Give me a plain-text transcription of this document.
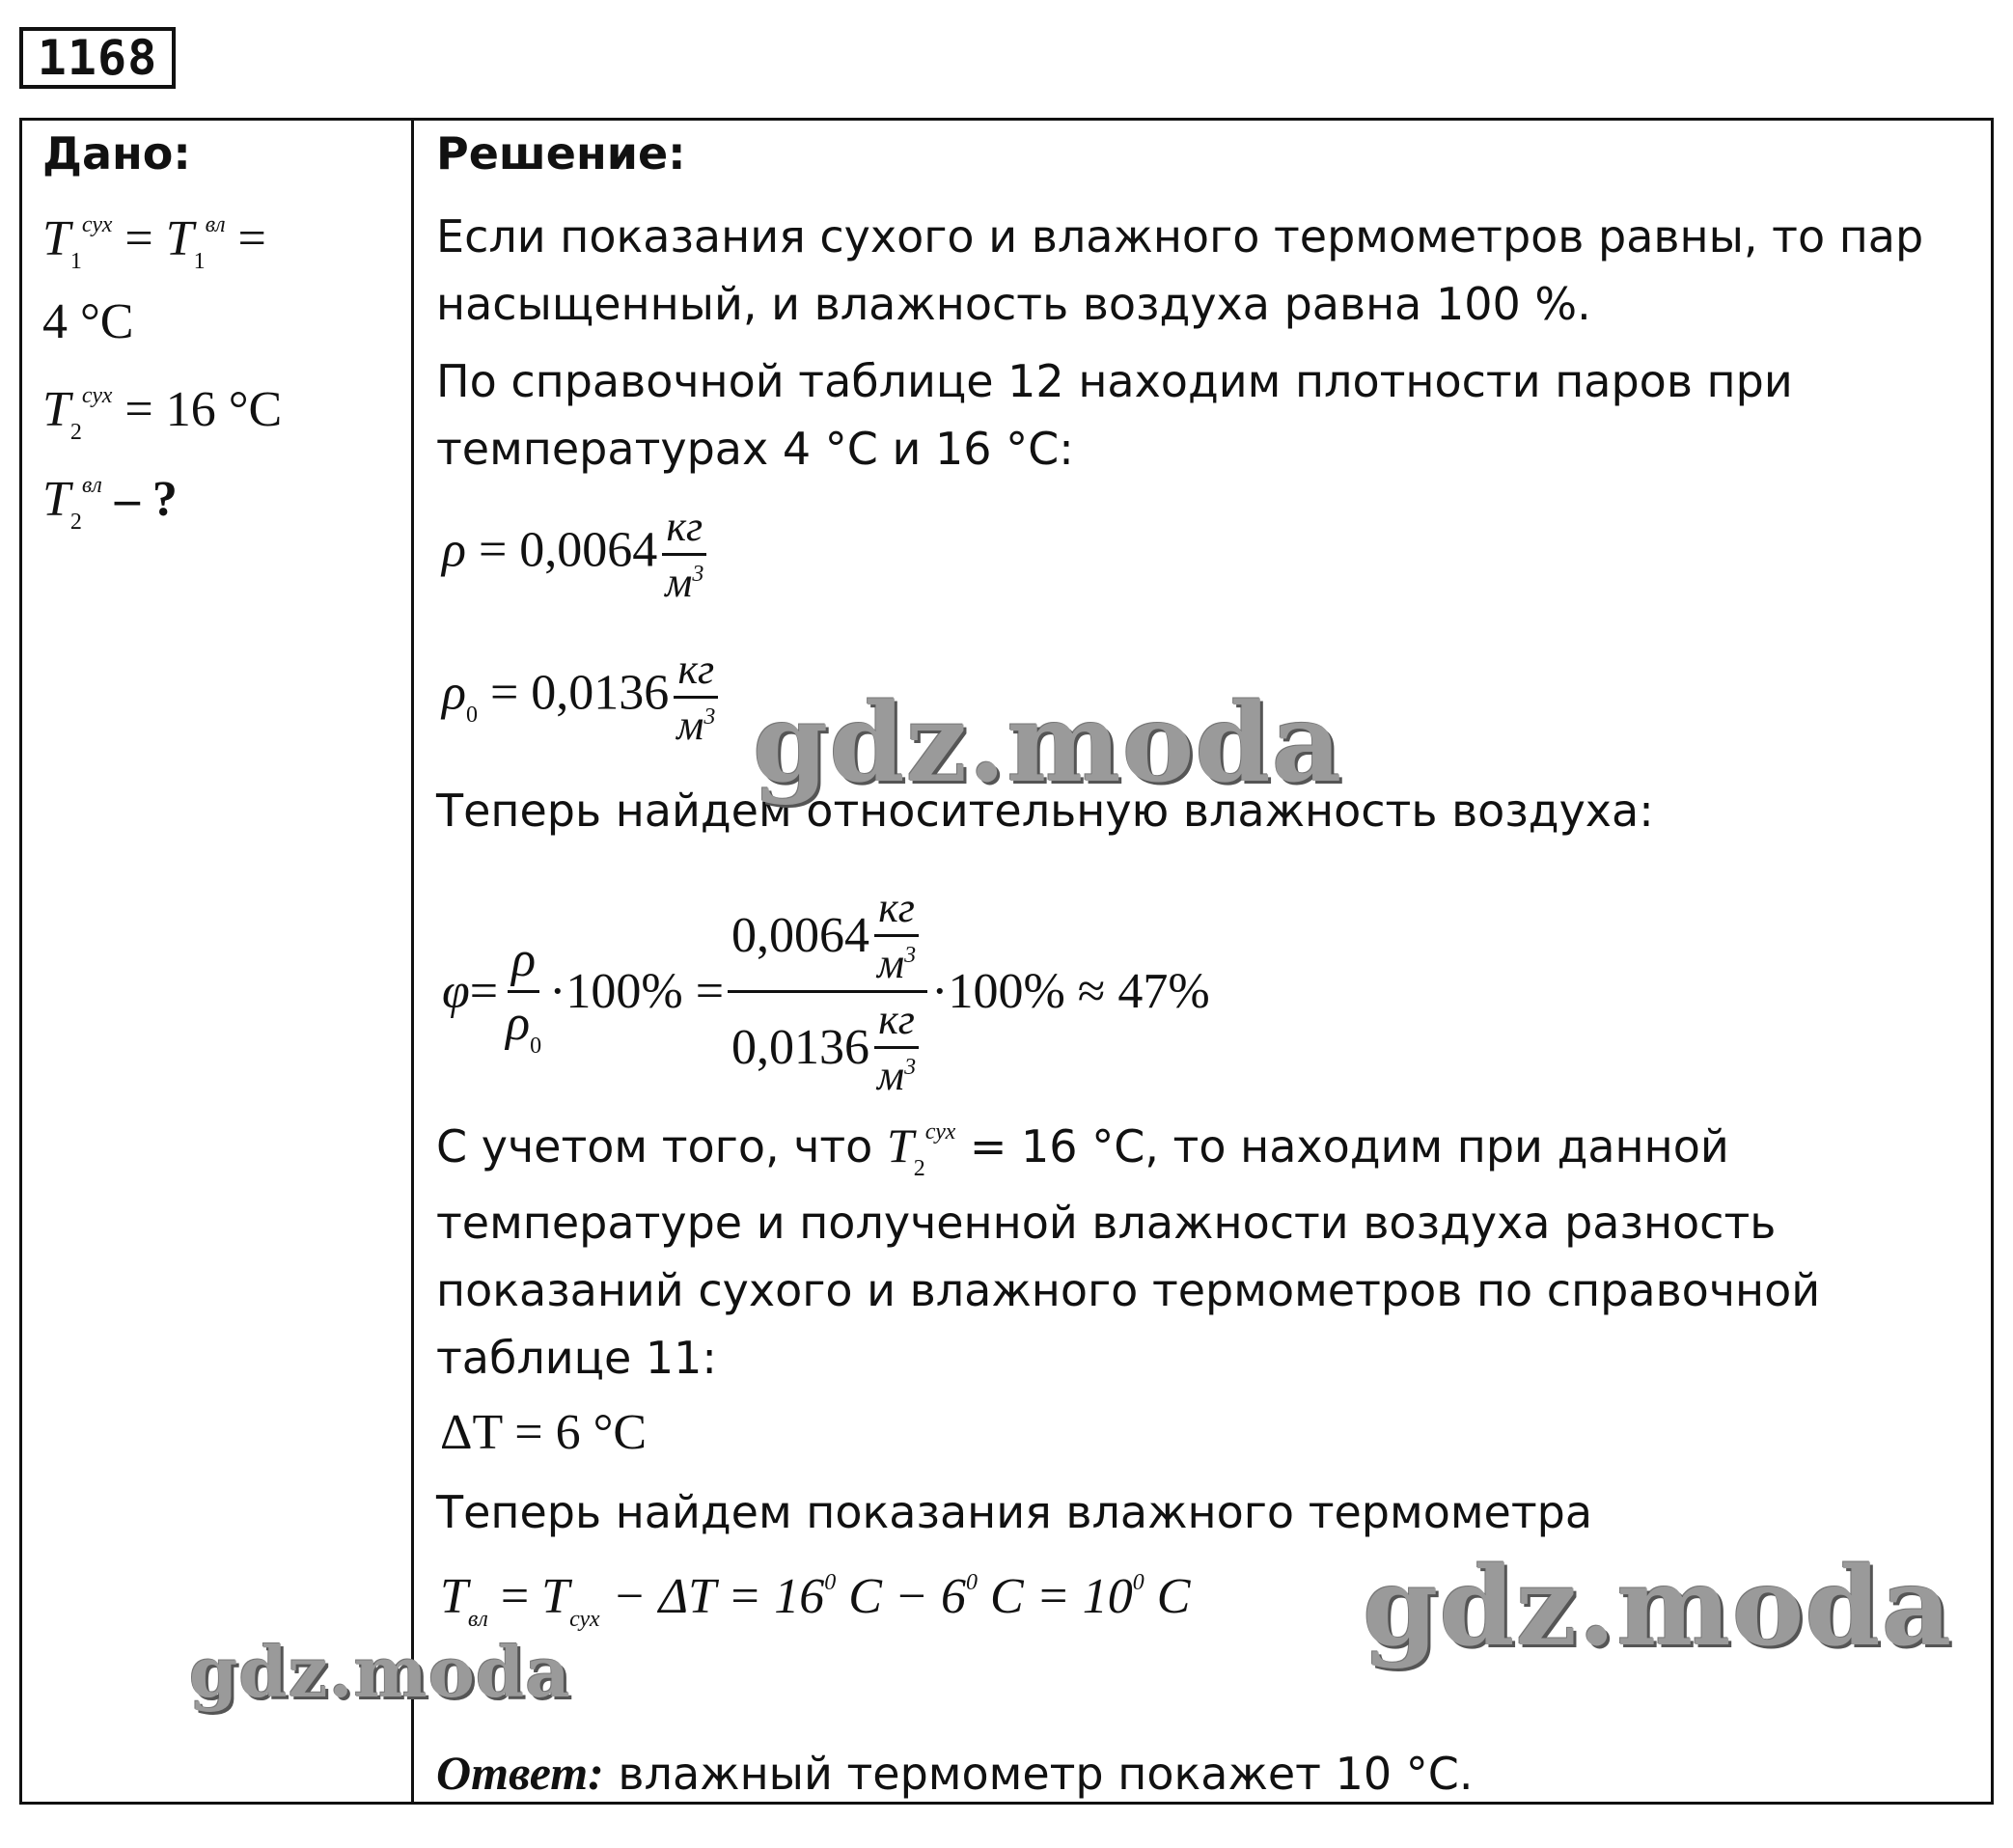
1168
Дано:
$T_1^{сух} = T_1^{вл}$ =
4 °C
$T_2^{сух} = 16$ °C
$T_2^{вл}$ – ?
Решение:
Если показания сухого и влажного термометров равны, то пар насыщенный, и влажность воздуха равна 100 %.
По справочной таблице 12 находим плотности паров при температурах 4 °C и 16 °C:
$\rho = 0,0064 \frac{кг}{м^3}$
$\rho_0 = 0,0136 \frac{кг}{м^3}$
Теперь найдем относительную влажность воздуха:
$\varphi = \frac{\rho}{\rho_0} \cdot 100\% = \frac{0,0064 \frac{кг}{м^3}}{0,0136 \frac{кг}{м^3}} \cdot 100\% \approx 47\%$
С учетом того, что $T_2^{сух} = 16$ °C, то находим при данной температуре и полученной влажности воздуха разность показаний сухого и влажного термометров по справочной таблице 11:
ΔT = 6 °C
Теперь найдем показания влажного термометра
$T_{вл} = T_{сух} - \Delta T = 16^0$ $C - 6^0$ $C = 10^0$ C
Ответ: влажный термометр покажет 10 °C.
gdz.moda
gdz.moda
gdz.moda
